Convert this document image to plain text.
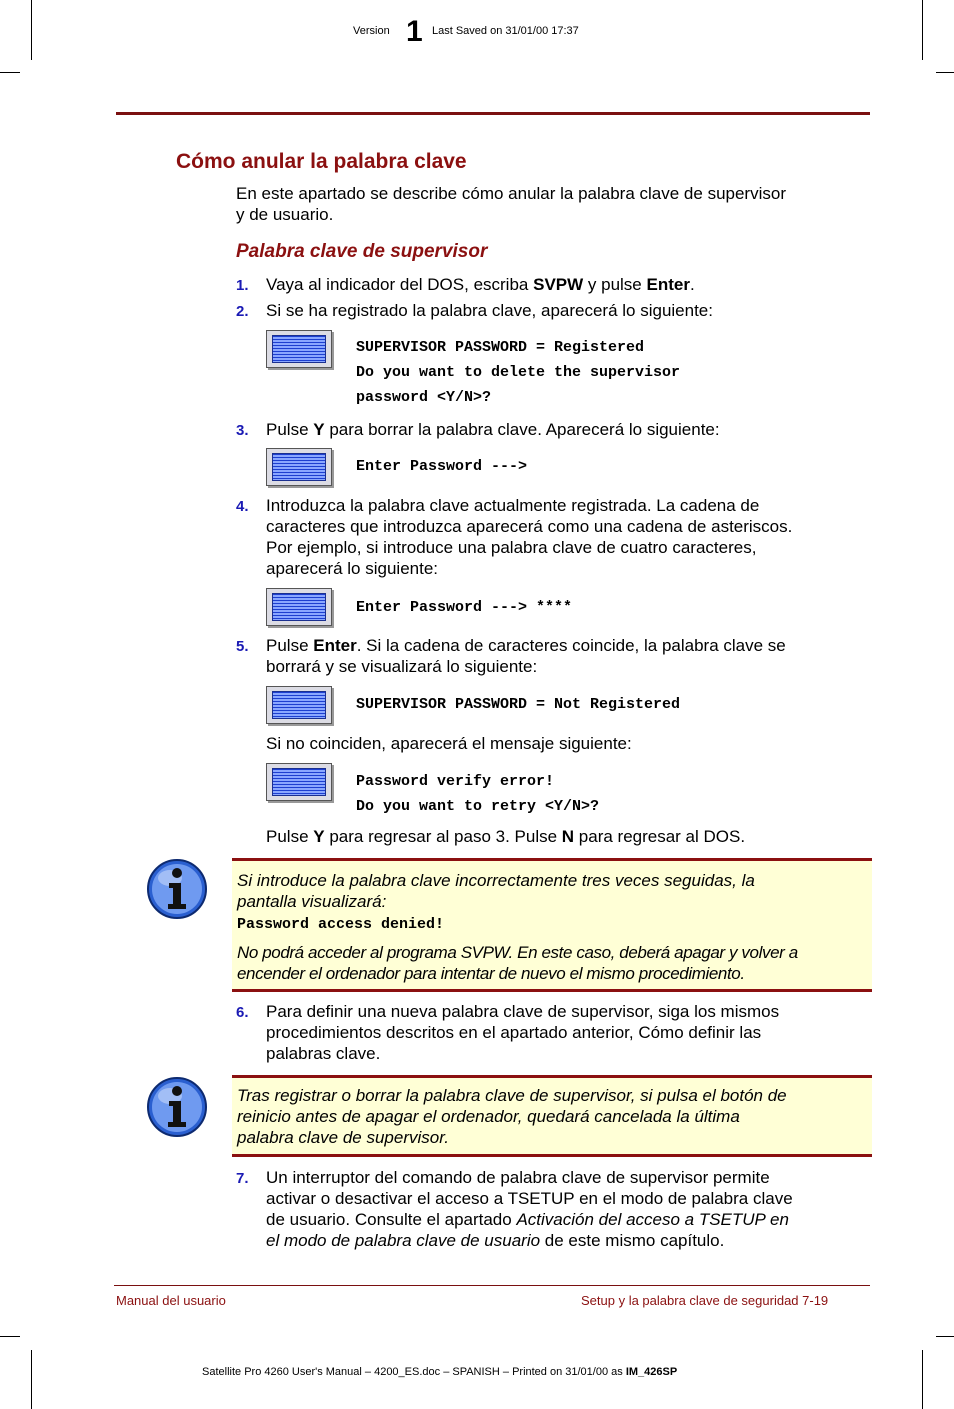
Version 1 Last Saved on 31/01/00 17:37
Cómo anular la palabra clave
En este apartado se describe cómo anular la palabra clave de supervisor
y de usuario.
Palabra clave de supervisor
1. Vaya al indicador del DOS, escriba SVPW y pulse Enter.
2. Si se ha registrado la palabra clave, aparecerá lo siguiente:
SUPERVISOR PASSWORD = Registered
Do you want to delete the supervisor
password <Y/N>?
3. Pulse Y para borrar la palabra clave. Aparecerá lo siguiente:
Enter Password --->
4. Introduzca la palabra clave actualmente registrada. La cadena de
caracteres que introduzca aparecerá como una cadena de asteriscos.
Por ejemplo, si introduce una palabra clave de cuatro caracteres,
aparecerá lo siguiente:
Enter Password ---> ****
5. Pulse Enter. Si la cadena de caracteres coincide, la palabra clave se
borrará y se visualizará lo siguiente:
SUPERVISOR PASSWORD = Not Registered
Si no coinciden, aparecerá el mensaje siguiente:
Password verify error!
Do you want to retry <Y/N>?
Pulse Y para regresar al paso 3. Pulse N para regresar al DOS.
Si introduce la palabra clave incorrectamente tres veces seguidas, la
pantalla visualizará:
Password access denied!
No podrá acceder al programa SVPW. En este caso, deberá apagar y volver a
encender el ordenador para intentar de nuevo el mismo procedimiento.
6. Para definir una nueva palabra clave de supervisor, siga los mismos
procedimientos descritos en el apartado anterior, Cómo definir las
palabras clave.
Tras registrar o borrar la palabra clave de supervisor, si pulsa el botón de
reinicio antes de apagar el ordenador, quedará cancelada la última
palabra clave de supervisor.
7. Un interruptor del comando de palabra clave de supervisor permite
activar o desactivar el acceso a TSETUP en el modo de palabra clave
de usuario. Consulte el apartado Activación del acceso a TSETUP en
el modo de palabra clave de usuario de este mismo capítulo.
Manual del usuario	Setup y la palabra clave de seguridad 7-19
Satellite Pro 4260 User's Manual – 4200_ES.doc – SPANISH – Printed on 31/01/00 as IM_426SP
